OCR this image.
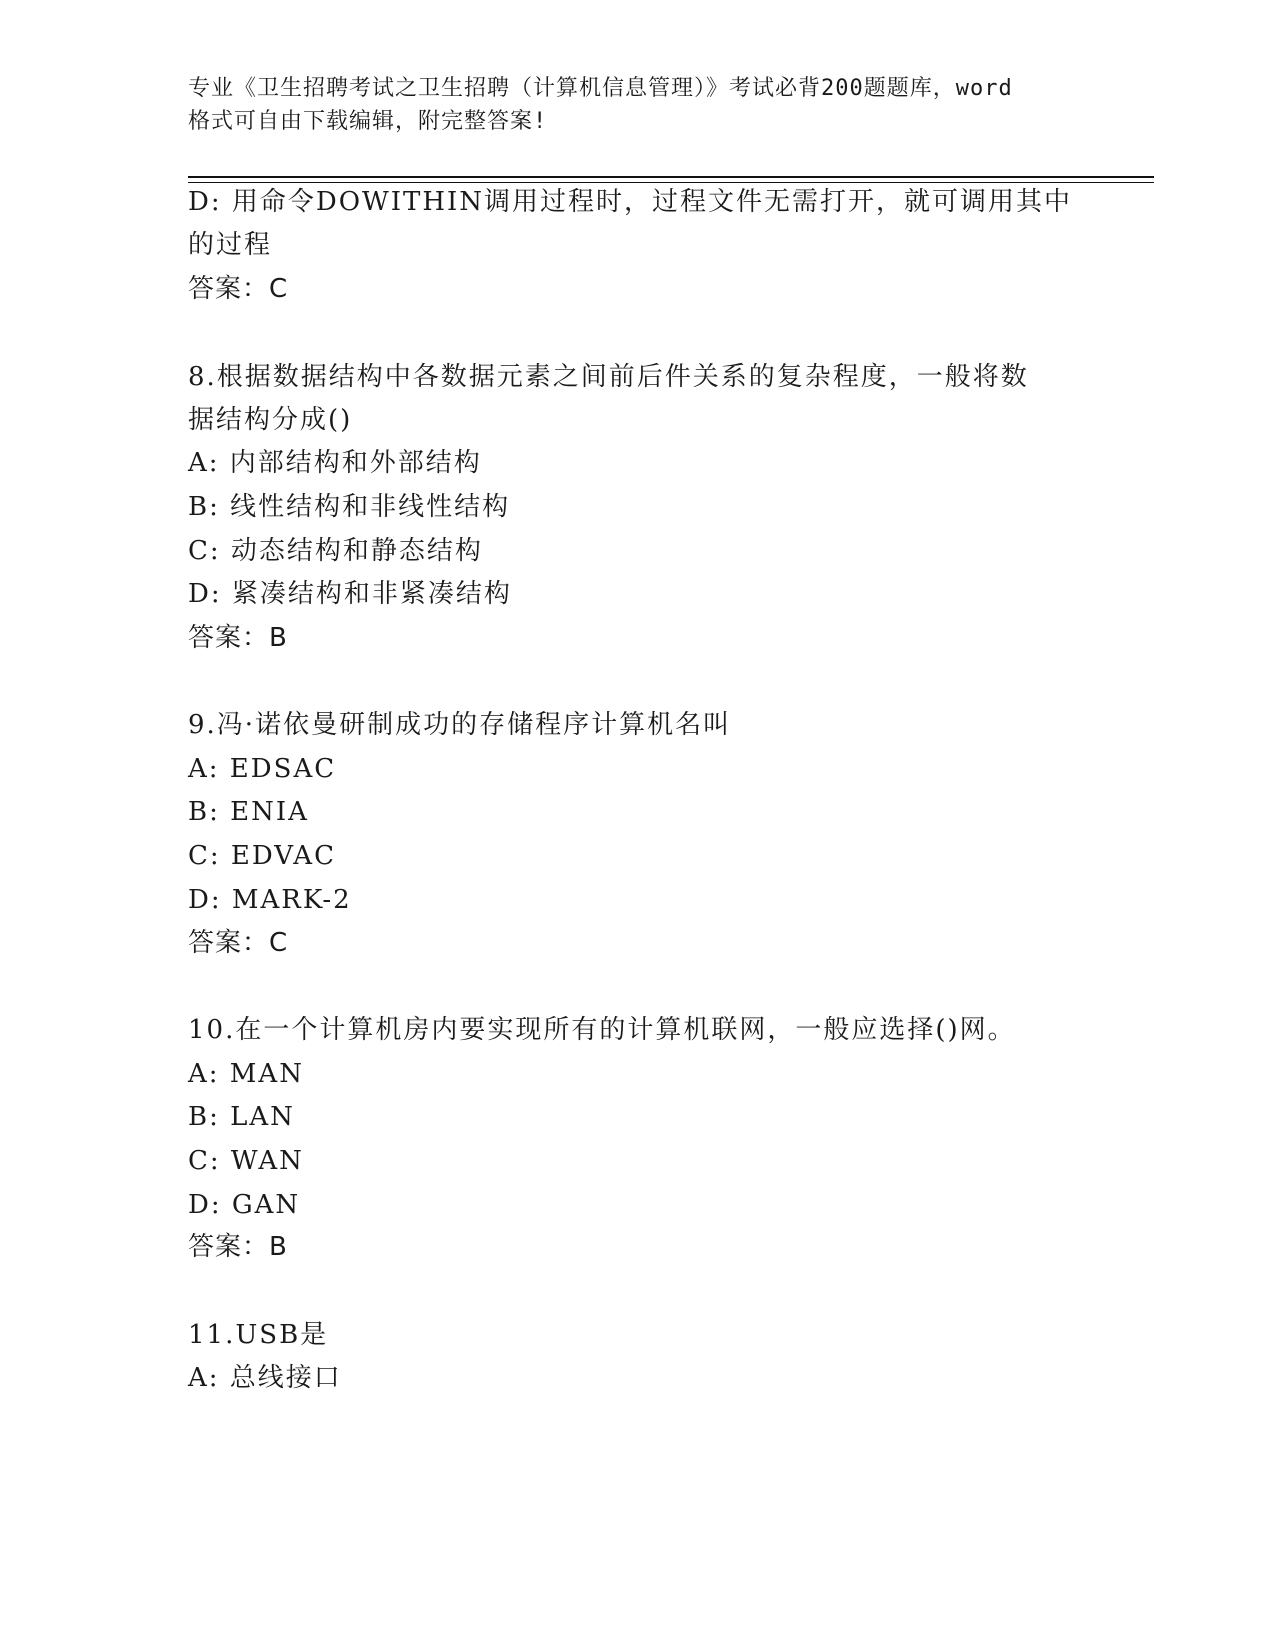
专业《卫生招聘考试之卫生招聘（计算机信息管理）》考试必背200题题库，word
格式可自由下载编辑，附完整答案!
D: 用命令DOWITHIN调用过程时，过程文件无需打开，就可调用其中
的过程
答案：C
8.根据数据结构中各数据元素之间前后件关系的复杂程度，一般将数
据结构分成()
A: 内部结构和外部结构
B: 线性结构和非线性结构
C: 动态结构和静态结构
D: 紧凑结构和非紧凑结构
答案：B
9.冯·诺依曼研制成功的存储程序计算机名叫
A: EDSAC
B: ENIA
C: EDVAC
D: MARK-2
答案：C
10.在一个计算机房内要实现所有的计算机联网，一般应选择()网。
A: MAN
B: LAN
C: WAN
D: GAN
答案：B
11.USB是
A: 总线接口
